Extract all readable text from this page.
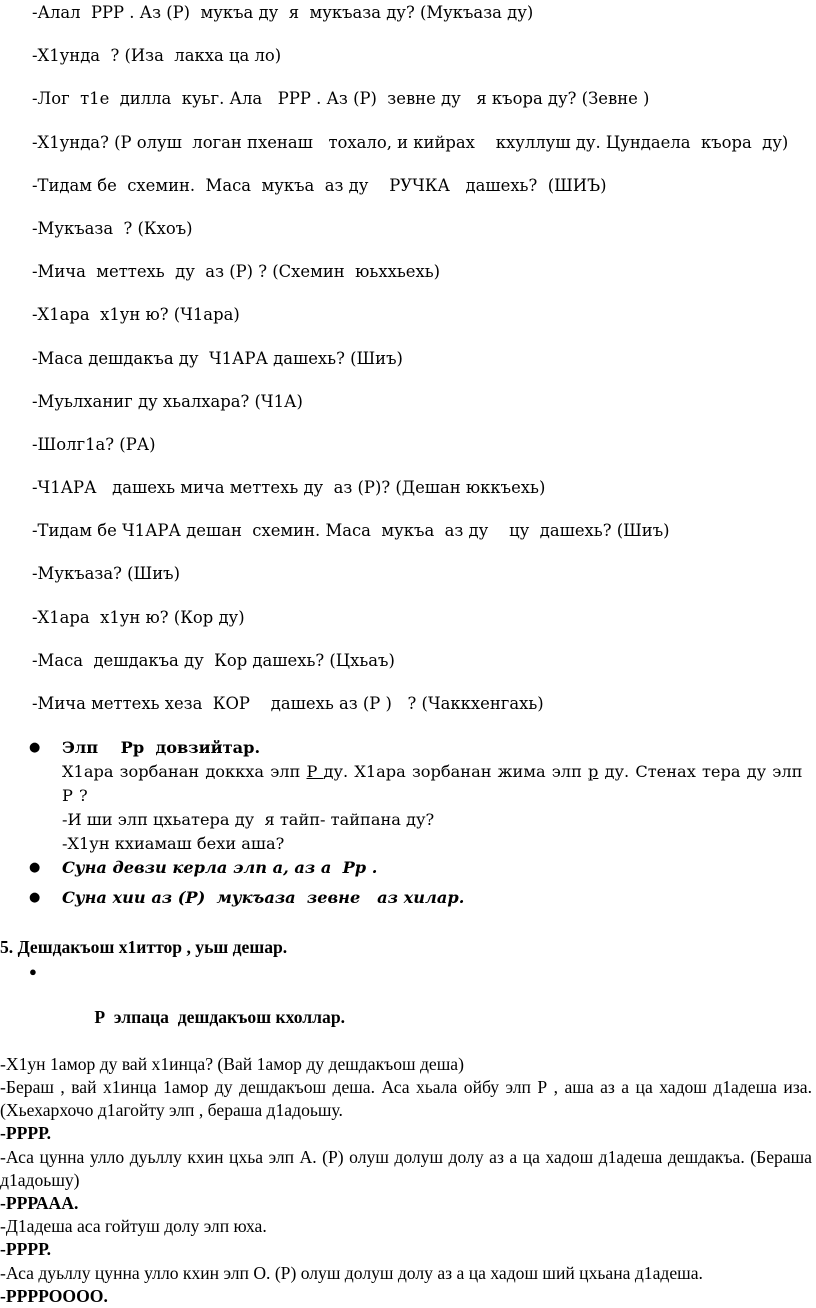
-Алал  РРР . Аз (Р)  мукъа ду  я  мукъаза ду? (Мукъаза ду)
-Х1унда  ? (Иза  лакха ца ло)
-Лог  т1е  дилла  куьг. Ала   РРР . Аз (Р)  зевне ду   я къора ду? (Зевне )
-Х1унда? (Р олуш  логан пхенаш   тохало, и кийрах    кхуллуш ду. Цундаела  къора  ду)
-Тидам бе  схемин.  Маса  мукъа  аз ду    РУЧКА   дашехь?  (ШИЪ)
-Мукъаза  ? (Кхоъ)
-Мича  меттехь  ду  аз (Р) ? (Схемин  юьххьехь)
-Х1ара  х1ун ю? (Ч1ара)
-Маса дешдакъа ду  Ч1АРА дашехь? (Шиъ)
-Муьлханиг ду хьалхара? (Ч1А)
-Шолг1а? (РА)
-Ч1АРА   дашехь мича меттехь ду  аз (Р)? (Дешан юккъехь)
-Тидам бе Ч1АРА дешан  схемин. Маса  мукъа  аз ду    цу  дашехь? (Шиъ)
-Мукъаза? (Шиъ)
-Х1ара  х1ун ю? (Кор ду)
-Маса  дешдакъа ду  Кор дашехь? (Цхьаъ)
-Мича меттехь хеза  КОР    дашехь аз (Р )   ? (Чаккхенгахь)
● Элп    Рр  довзийтар.
Х1ара зорбанан доккха элп Р ду. Х1ара зорбанан жима элп р ду. Стенах тера ду элп Р ?
-И ши элп цхьатера ду  я тайп- тайпана ду?
-Х1ун кхиамаш бехи аша?
● Суна девзи керла элп а, аз а  Рр .
● Суна хии аз (Р)  мукъаза  зевне   аз хилар.
5. Дешдакъош х1иттор , уьш дешар.

●

Р  элпаца  дешдакъош кхоллар.

-Х1ун 1амор ду вай х1инца? (Вай 1амор ду дешдакъош деша)
-Бераш , вай х1инца 1амор ду дешдакъош деша. Аса хьала ойбу элп Р , аша аз а ца хадош д1адеша иза. (Хьехархочо д1агойту элп , бераша д1адоьшу.
-РРРР.
-Аса цунна улло дуьллу кхин цхьа элп А. (Р) олуш долуш долу аз а ца хадош д1адеша дешдакъа. (Бераша д1адоьшу)
-РРРААА.
-Д1адеша аса гойтуш долу элп юха.
-РРРР.
-Аса дуьллу цунна улло кхин элп О. (Р) олуш долуш долу аз а ца хадош ший цхьана д1адеша.
-РРРРОООО.
